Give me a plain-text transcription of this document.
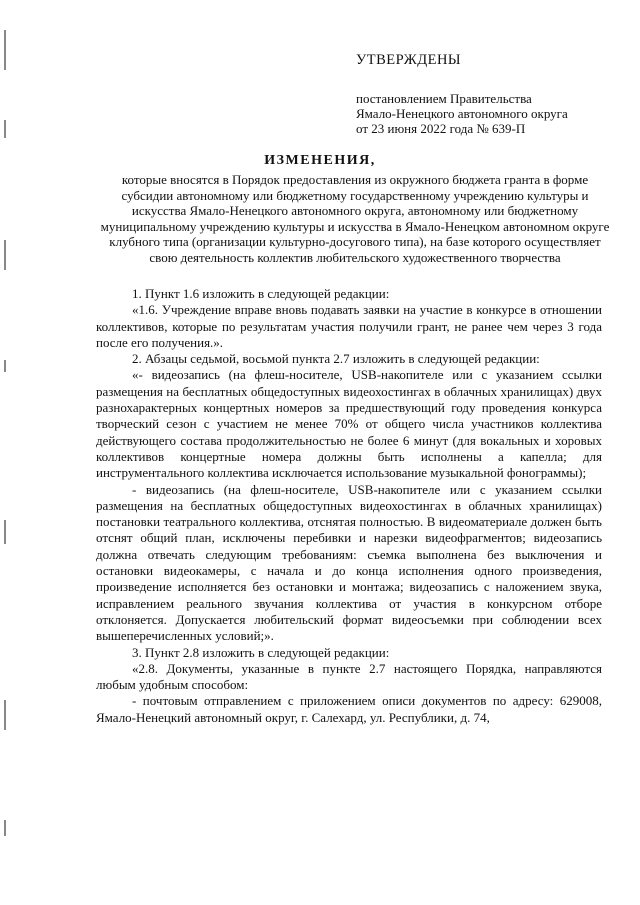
УТВЕРЖДЕНЫ
постановлением Правительства
Ямало-Ненецкого автономного округа
от 23 июня 2022 года № 639-П
ИЗМЕНЕНИЯ,
которые вносятся в Порядок предоставления из окружного бюджета гранта в форме субсидии автономному или бюджетному государственному учреждению культуры и искусства Ямало-Ненецкого автономного округа, автономному или бюджетному муниципальному учреждению культуры и искусства в Ямало-Ненецком автономном округе клубного типа (организации культурно-досугового типа), на базе которого осуществляет свою деятельность коллектив любительского художественного творчества

1. Пункт 1.6 изложить в следующей редакции:

«1.6. Учреждение вправе вновь подавать заявки на участие в конкурсе в отношении коллективов, которые по результатам участия получили грант, не ранее чем через 3 года после его получения.».

2. Абзацы седьмой, восьмой пункта 2.7 изложить в следующей редакции:

«- видеозапись (на флеш-носителе, USB-накопителе или с указанием ссылки размещения на бесплатных общедоступных видеохостингах в облачных хранилищах) двух разнохарактерных концертных номеров за предшествующий году проведения конкурса творческий сезон с участием не менее 70% от общего числа участников коллектива действующего состава продолжительностью не более 6 минут (для вокальных и хоровых коллективов концертные номера должны быть исполнены а капелла; для инструментального коллектива исключается использование музыкальной фонограммы);

- видеозапись (на флеш-носителе, USB-накопителе или с указанием ссылки размещения на бесплатных общедоступных видеохостингах в облачных хранилищах) постановки театрального коллектива, отснятая полностью. В видеоматериале должен быть отснят общий план, исключены перебивки и нарезки видеофрагментов; видеозапись должна отвечать следующим требованиям: съемка выполнена без выключения и остановки видеокамеры, с начала и до конца исполнения одного произведения, произведение исполняется без остановки и монтажа; видеозапись с наложением звука, исправлением реального звучания коллектива от участия в конкурсном отборе отклоняется. Допускается любительский формат видеосъемки при соблюдении всех вышеперечисленных условий;».

3. Пункт 2.8 изложить в следующей редакции:

«2.8. Документы, указанные в пункте 2.7 настоящего Порядка, направляются любым удобным способом:

- почтовым отправлением с приложением описи документов по адресу: 629008, Ямало-Ненецкий автономный округ, г. Салехард, ул. Республики, д. 74,
